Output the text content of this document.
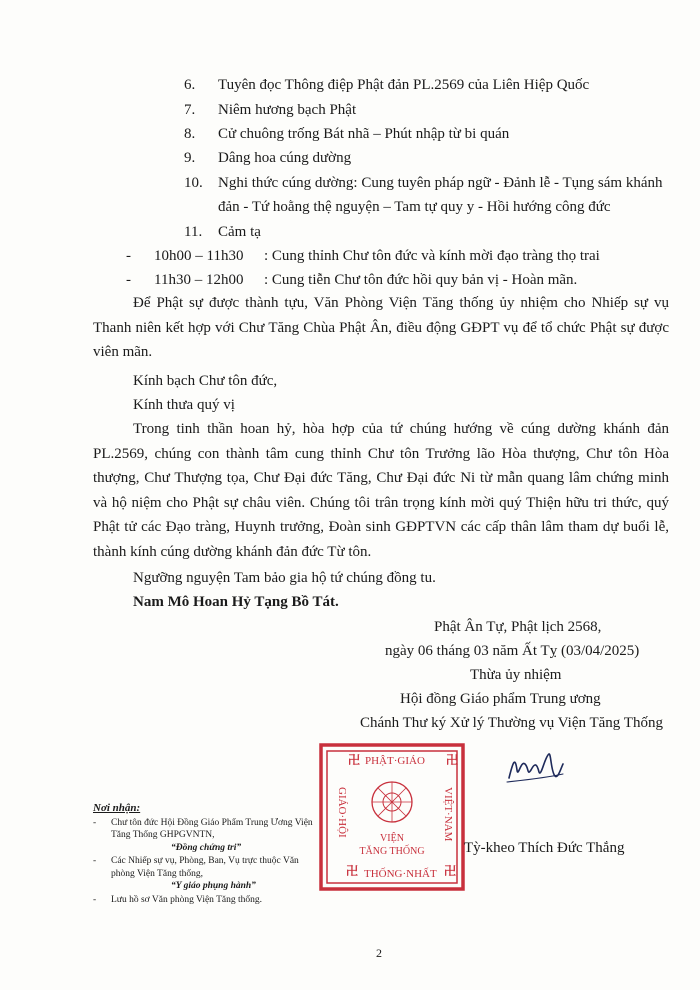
6. Tuyên đọc Thông điệp Phật đản PL.2569 của Liên Hiệp Quốc
7. Niêm hương bạch Phật
8. Cử chuông trống Bát nhã – Phút nhập từ bi quán
9. Dâng hoa cúng dường
10. Nghi thức cúng dường: Cung tuyên pháp ngữ - Đảnh lễ - Tụng sám khánh
đản - Tứ hoằng thệ nguyện – Tam tự quy y - Hồi hướng công đức
11. Cảm tạ
- 10h00 – 11h30 : Cung thỉnh Chư tôn đức và kính mời đạo tràng thọ trai
- 11h30 – 12h00 : Cung tiễn Chư tôn đức hồi quy bản vị - Hoàn mãn.
Để Phật sự được thành tựu, Văn Phòng Viện Tăng thống ủy nhiệm cho Nhiếp sự vụ Thanh niên kết hợp với Chư Tăng Chùa Phật Ân, điều động GĐPT vụ để tổ chức Phật sự được viên mãn.
Kính bạch Chư tôn đức,
Kính thưa quý vị
Trong tinh thần hoan hỷ, hòa hợp của tứ chúng hướng về cúng dường khánh đản PL.2569, chúng con thành tâm cung thỉnh Chư tôn Trưởng lão Hòa thượng, Chư tôn Hòa thượng, Chư Thượng tọa, Chư Đại đức Tăng, Chư Đại đức Ni từ mẫn quang lâm chứng minh và hộ niệm cho Phật sự châu viên. Chúng tôi trân trọng kính mời quý Thiện hữu tri thức, quý Phật tử các Đạo tràng, Huynh trưởng, Đoàn sinh GĐPTVN các cấp thân lâm tham dự buổi lễ, thành kính cúng dường khánh đản đức Từ tôn.
Ngưỡng nguyện Tam bảo gia hộ tứ chúng đồng tu.
Nam Mô Hoan Hỷ Tạng Bồ Tát.
Phật Ân Tự, Phật lịch 2568,
ngày 06 tháng 03 năm Ất Tỵ (03/04/2025)
Thừa ủy nhiệm
Hội đồng Giáo phẩm Trung ương
Chánh Thư ký Xử lý Thường vụ Viện Tăng Thống
卍 PHẬT·GIÁO 卍
卍 THỐNG·NHẤT 卍
GIÁO·HỘI	VIỆT·NAM
VIỆN
TĂNG THỐNG	Tỳ-kheo Thích Đức Thắng
Nơi nhận:
- Chư tôn đức Hội Đồng Giáo Phẩm Trung Ương Viện Tăng Thống GHPGVNTN,
“Đồng chứng tri”
- Các Nhiếp sự vụ, Phòng, Ban, Vụ trực thuộc Văn phòng Viện Tăng thống,
“Y giáo phụng hành”
- Lưu hồ sơ Văn phòng Viện Tăng thống.
2
